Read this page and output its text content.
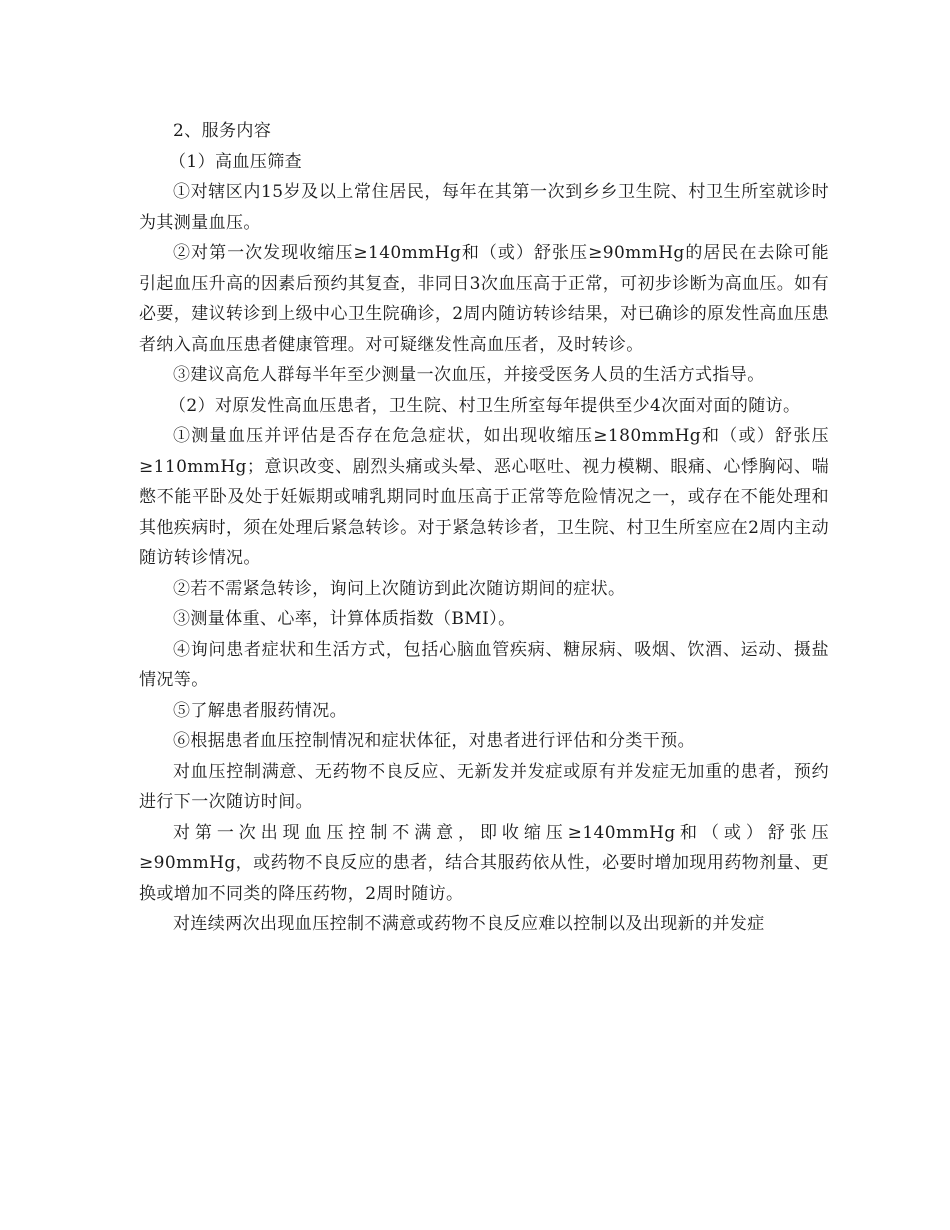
2、服务内容

（1）高血压筛查

①对辖区内15岁及以上常住居民，每年在其第一次到乡乡卫生院、村卫生所室就诊时为其测量血压。

②对第一次发现收缩压≥140mmHg和（或）舒张压≥90mmHg的居民在去除可能引起血压升高的因素后预约其复查，非同日3次血压高于正常，可初步诊断为高血压。如有必要，建议转诊到上级中心卫生院确诊，2周内随访转诊结果，对已确诊的原发性高血压患者纳入高血压患者健康管理。对可疑继发性高血压者，及时转诊。

③建议高危人群每半年至少测量一次血压，并接受医务人员的生活方式指导。

（2）对原发性高血压患者，卫生院、村卫生所室每年提供至少4次面对面的随访。

①测量血压并评估是否存在危急症状，如出现收缩压≥180mmHg和（或）舒张压≥110mmHg；意识改变、剧烈头痛或头晕、恶心呕吐、视力模糊、眼痛、心悸胸闷、喘憋不能平卧及处于妊娠期或哺乳期同时血压高于正常等危险情况之一，或存在不能处理和其他疾病时，须在处理后紧急转诊。对于紧急转诊者，卫生院、村卫生所室应在2周内主动随访转诊情况。

②若不需紧急转诊，询问上次随访到此次随访期间的症状。

③测量体重、心率，计算体质指数（BMI）。

④询问患者症状和生活方式，包括心脑血管疾病、糖尿病、吸烟、饮酒、运动、摄盐情况等。

⑤了解患者服药情况。

⑥根据患者血压控制情况和症状体征，对患者进行评估和分类干预。

对血压控制满意、无药物不良反应、无新发并发症或原有并发症无加重的患者，预约进行下一次随访时间。

对第一次出现血压控制不满意，即收缩压≥140mmHg和（或）舒张压≥90mmHg，或药物不良反应的患者，结合其服药依从性，必要时增加现用药物剂量、更换或增加不同类的降压药物，2周时随访。

对连续两次出现血压控制不满意或药物不良反应难以控制以及出现新的并发症
